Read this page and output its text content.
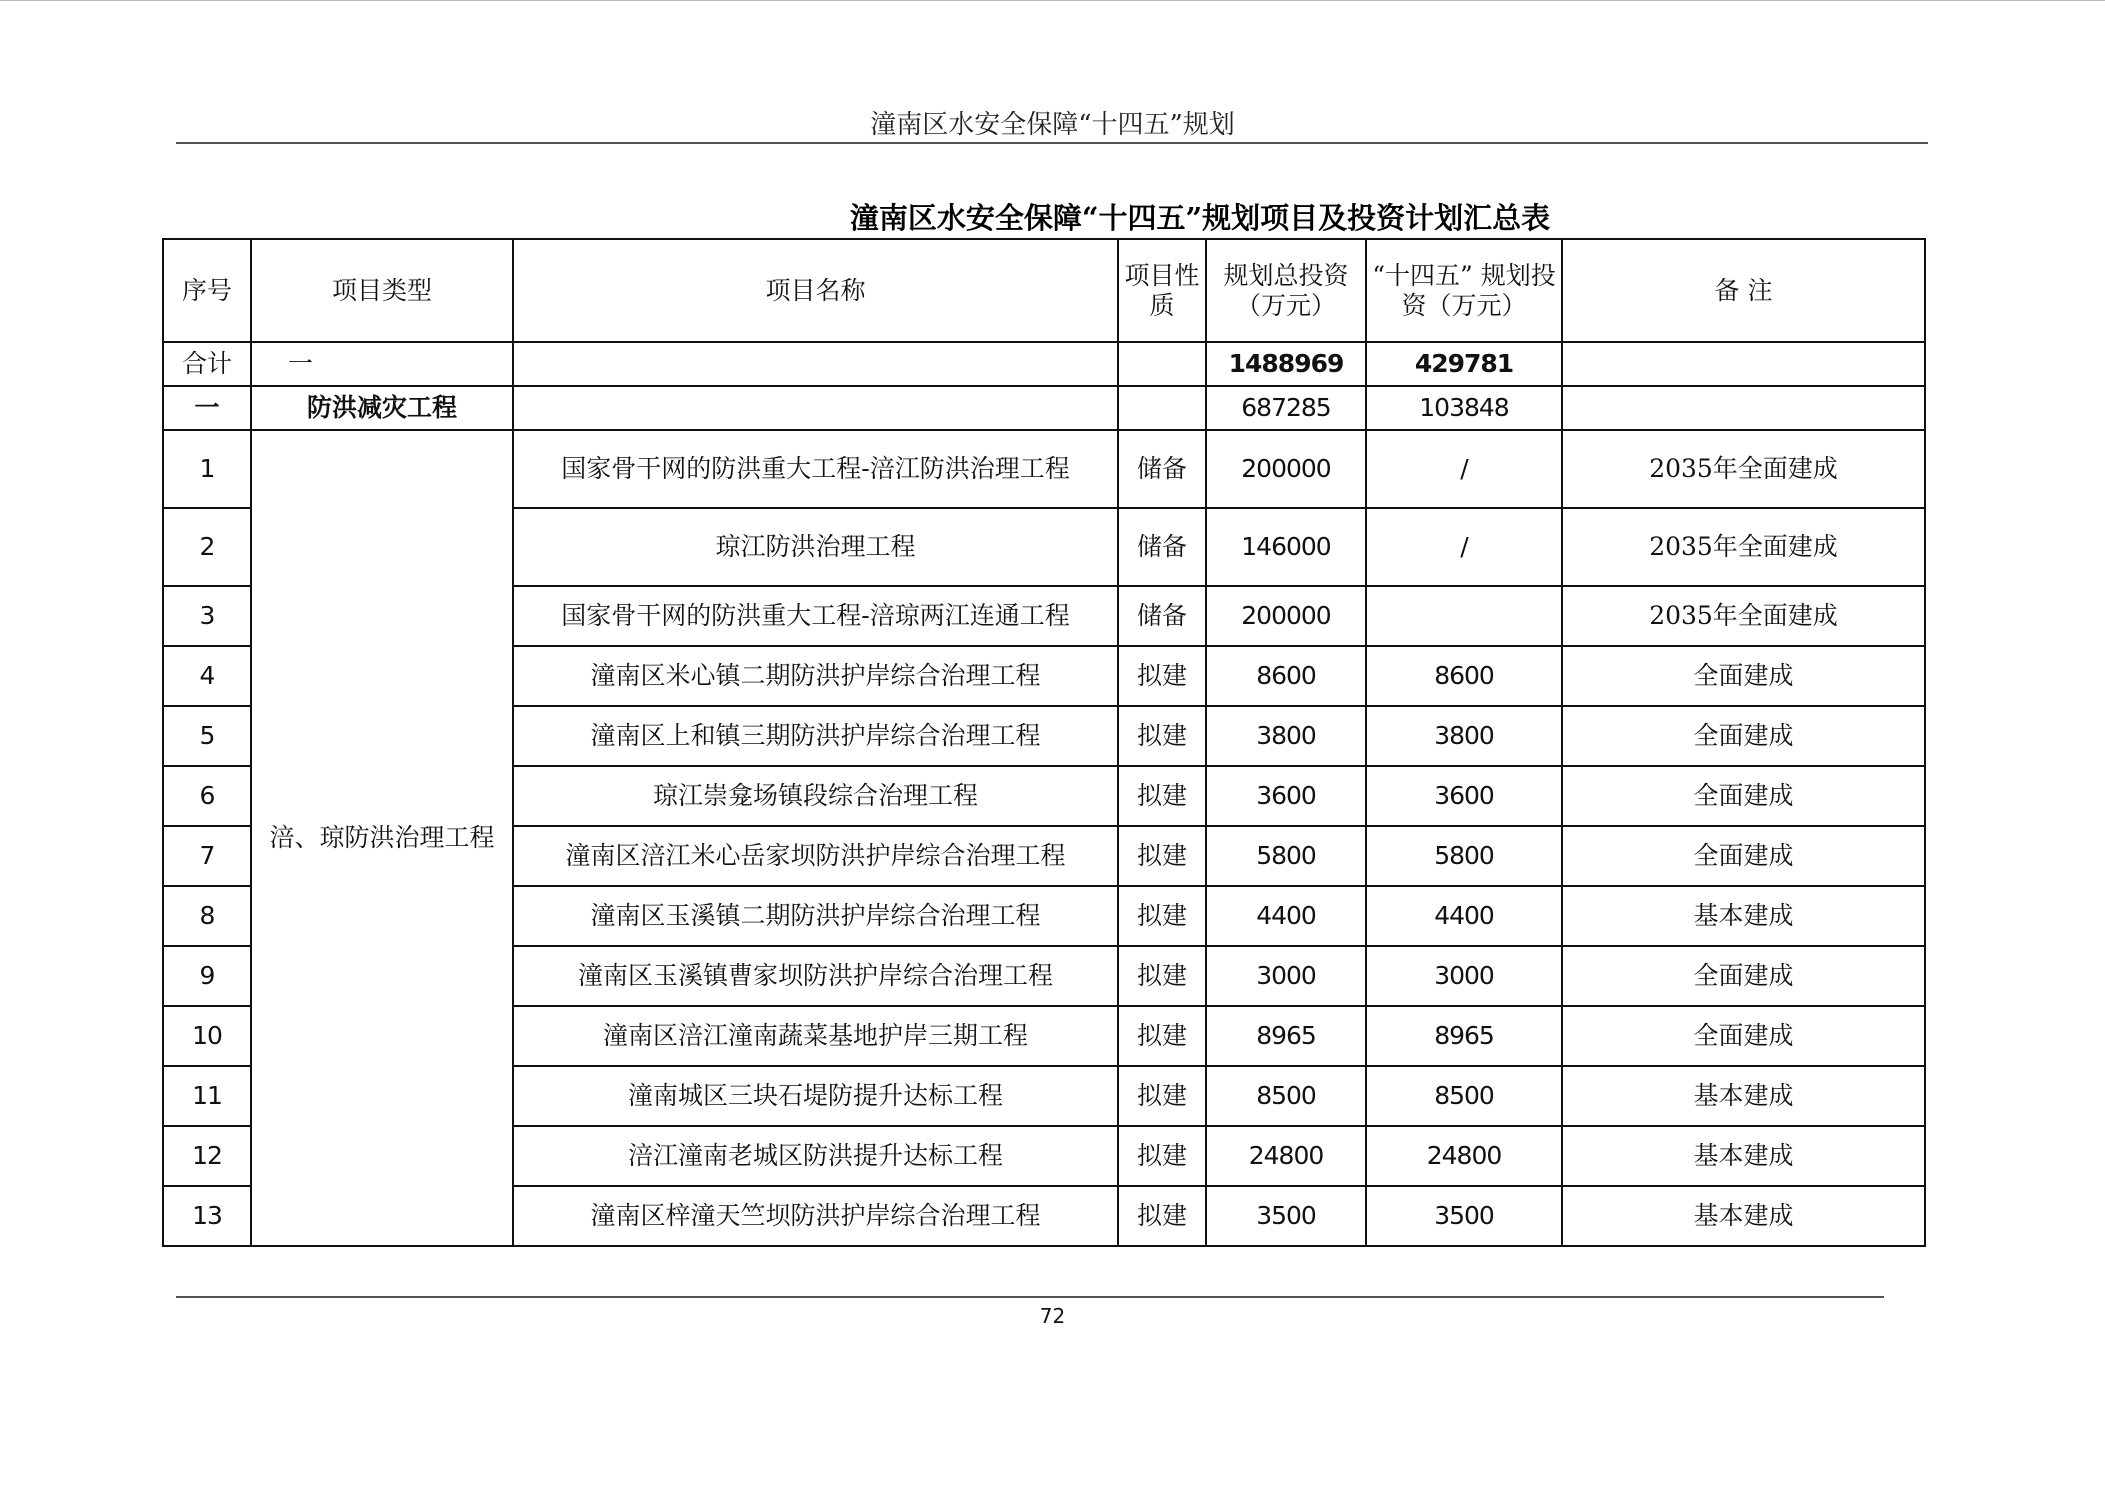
潼南区水安全保障“十四五”规划
潼南区水安全保障“十四五”规划项目及投资计划汇总表
序号	项目类型	项目名称	项目性质	规划总投资（万元）	“十四五” 规划投资（万元）	备 注
合计	一			1488969	429781	
一	防洪减灾工程			687285	103848	
1	涪、琼防洪治理工程	国家骨干网的防洪重大工程-涪江防洪治理工程	储备	200000	/	2035年全面建成
2		琼江防洪治理工程	储备	146000	/	2035年全面建成
3		国家骨干网的防洪重大工程-涪琼两江连通工程	储备	200000		2035年全面建成
4		潼南区米心镇二期防洪护岸综合治理工程	拟建	8600	8600	全面建成
5		潼南区上和镇三期防洪护岸综合治理工程	拟建	3800	3800	全面建成
6		琼江崇龛场镇段综合治理工程	拟建	3600	3600	全面建成
7		潼南区涪江米心岳家坝防洪护岸综合治理工程	拟建	5800	5800	全面建成
8		潼南区玉溪镇二期防洪护岸综合治理工程	拟建	4400	4400	基本建成
9		潼南区玉溪镇曹家坝防洪护岸综合治理工程	拟建	3000	3000	全面建成
10		潼南区涪江潼南蔬菜基地护岸三期工程	拟建	8965	8965	全面建成
11		潼南城区三块石堤防提升达标工程	拟建	8500	8500	基本建成
12		涪江潼南老城区防洪提升达标工程	拟建	24800	24800	基本建成
13		潼南区梓潼天竺坝防洪护岸综合治理工程	拟建	3500	3500	基本建成
72
